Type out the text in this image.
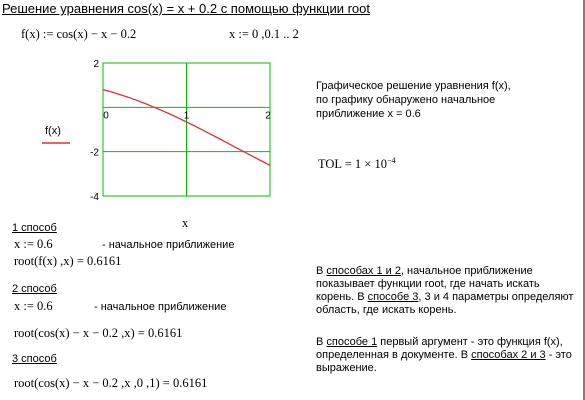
Решение уравнения cos(x) = x + 0.2 с помощью функции root
f(x) := cos(x) − x − 0.2	x := 0 ,0.1 .. 2
2
-2
-4
0	1	2
f(x)
x
Графическое решение уравнения f(x),
по графику обнаружено начальное
приближение x = 0.6
TOL = $1 \times 10^{-4}$
1 способ
x := 0.6	- начальное приближение
root(f(x) ,x) = 0.6161
2 способ
x := 0.6	- начальное приближение
root(cos(x) − x − 0.2 ,x) = 0.6161
3 способ
root(cos(x) − x − 0.2 ,x ,0 ,1) = 0.6161
В способах 1 и 2, начальное приближение показывает функции root, где начать искать корень. В способе 3, 3 и 4 параметры определяют область, где искать корень.
В способе 1 первый аргумент - это функция f(x), определенная в документе. В способах 2 и 3 - это выражение.
